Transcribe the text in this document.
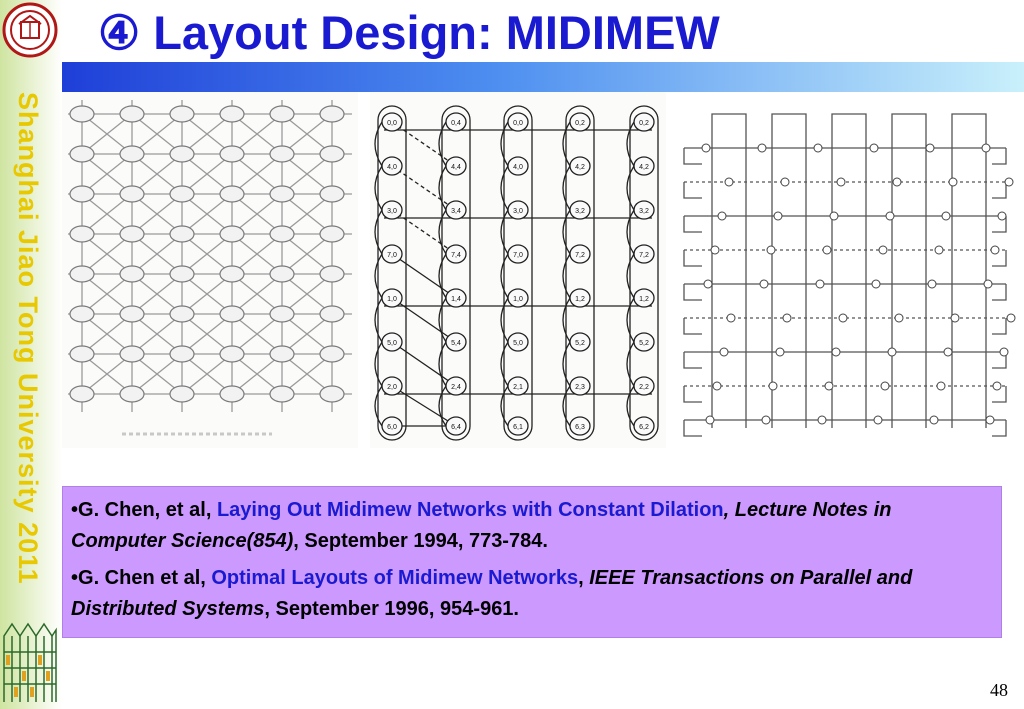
Shanghai Jiao Tong University 2011
④ Layout Design: MIDIMEW
0,0
4,0
3,0
7,0
1,0
5,0
2,0
6,0
0,4
4,4
3,4
7,4
1,4
5,4
2,4
6,4
0,0
4,0
3,0
7,0
1,0
5,0
2,1
6,1
0,2
4,2
3,2
7,2
1,2
5,2
2,3
6,3
0,2
4,2
3,2
7,2
1,2
5,2
2,2
6,2

•G. Chen, et al, Laying Out Midimew Networks with Constant Dilation, Lecture Notes in Computer Science(854), September 1994, 773-784.

•G. Chen et al, Optimal Layouts of Midimew Networks, IEEE Transactions on Parallel and Distributed Systems, September 1996, 954-961.

48
